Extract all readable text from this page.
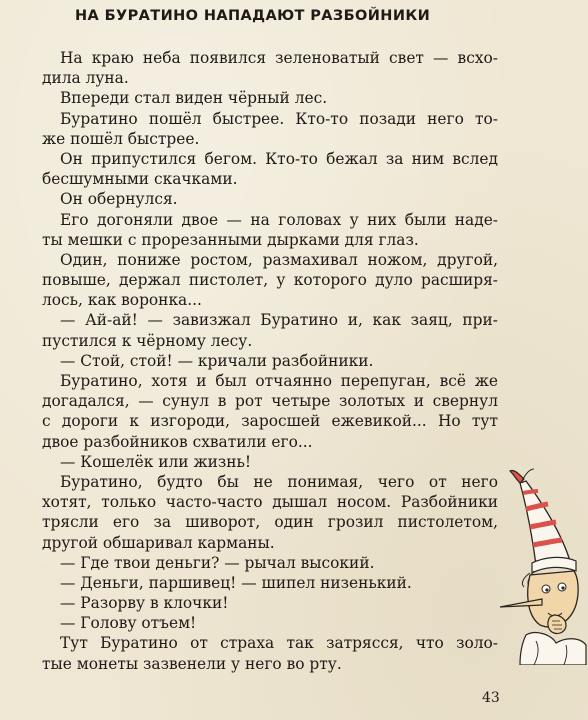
НА БУРАТИНО НАПАДАЮТ РАЗБОЙНИКИ
На краю неба появился зеленоватый свет — всхо-
дила луна.
Впереди стал виден чёрный лес.
Буратино пошёл быстрее. Кто-то позади него то-
же пошёл быстрее.
Он припустился бегом. Кто-то бежал за ним вслед
бесшумными скачками.
Он обернулся.
Его догоняли двое — на головах у них были наде-
ты мешки с прорезанными дырками для глаз.
Один, пониже ростом, размахивал ножом, другой,
повыше, держал пистолет, у которого дуло расширя-
лось, как воронка...
— Ай-ай! — завизжал Буратино и, как заяц, при-
пустился к чёрному лесу.
— Стой, стой! — кричали разбойники.
Буратино, хотя и был отчаянно перепуган, всё же
догадался, — сунул в рот четыре золотых и свернул
с дороги к изгороди, заросшей ежевикой... Но тут
двое разбойников схватили его...
— Кошелёк или жизнь!
Буратино, будто бы не понимая, чего от него
хотят, только часто-часто дышал носом. Разбойники
трясли его за шиворот, один грозил пистолетом,
другой обшаривал карманы.
— Где твои деньги? — рычал высокий.
— Деньги, паршивец! — шипел низенький.
— Разорву в клочки!
— Голову отъем!
Тут Буратино от страха так затрясся, что золо-
тые монеты зазвенели у него во рту.
43
